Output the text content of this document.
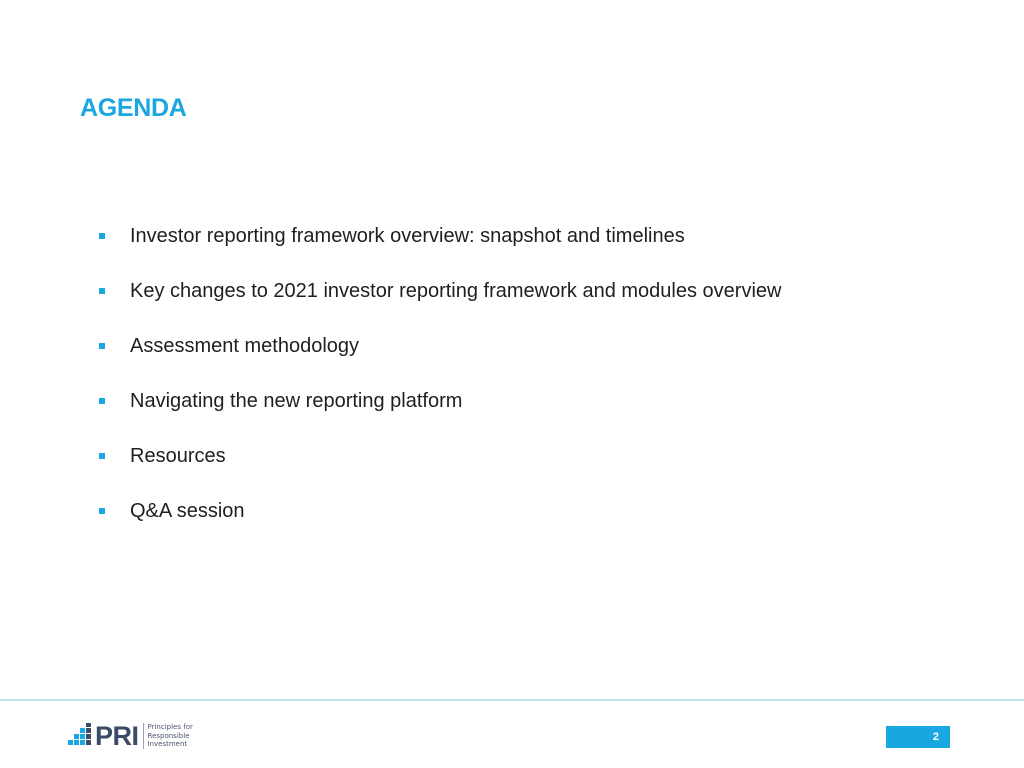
AGENDA
Investor reporting framework overview: snapshot and timelines
Key changes to 2021 investor reporting framework and modules overview
Assessment methodology
Navigating the new reporting platform
Resources
Q&A session
PRI Principles for Responsible Investment
2
